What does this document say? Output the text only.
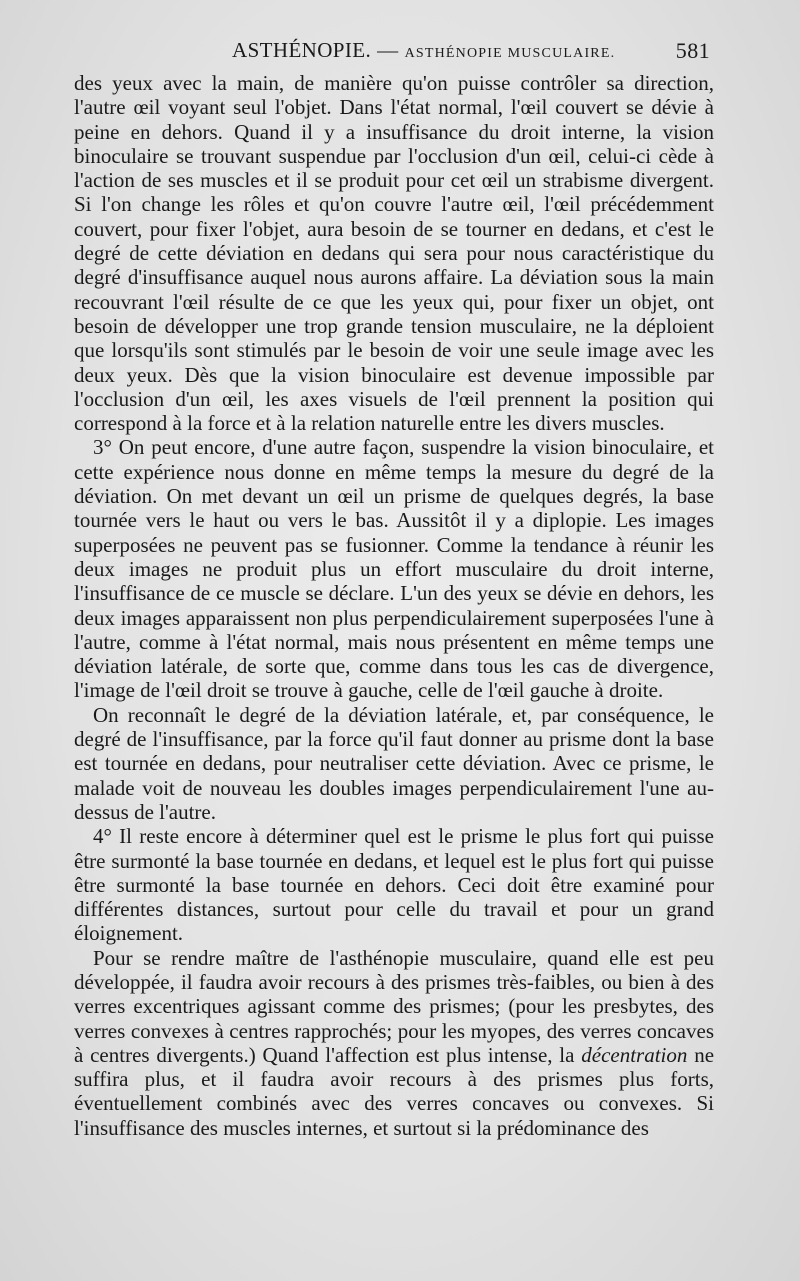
ASTHÉNOPIE. — ASTHÉNOPIE MUSCULAIRE.	581

des yeux avec la main, de manière qu'on puisse contrôler sa direction, l'autre œil voyant seul l'objet. Dans l'état normal, l'œil couvert se dévie à peine en dehors. Quand il y a insuffisance du droit interne, la vision binoculaire se trouvant suspendue par l'occlusion d'un œil, celui-ci cède à l'action de ses muscles et il se produit pour cet œil un strabisme divergent. Si l'on change les rôles et qu'on couvre l'autre œil, l'œil précédemment couvert, pour fixer l'objet, aura besoin de se tourner en dedans, et c'est le degré de cette déviation en dedans qui sera pour nous caractéristique du degré d'insuffisance auquel nous aurons affaire. La déviation sous la main recouvrant l'œil résulte de ce que les yeux qui, pour fixer un objet, ont besoin de développer une trop grande tension musculaire, ne la déploient que lorsqu'ils sont stimulés par le besoin de voir une seule image avec les deux yeux. Dès que la vision binoculaire est devenue impossible par l'occlusion d'un œil, les axes visuels de l'œil prennent la position qui correspond à la force et à la relation naturelle entre les divers muscles.

3° On peut encore, d'une autre façon, suspendre la vision binoculaire, et cette expérience nous donne en même temps la mesure du degré de la déviation. On met devant un œil un prisme de quelques degrés, la base tournée vers le haut ou vers le bas. Aussitôt il y a diplopie. Les images superposées ne peuvent pas se fusionner. Comme la tendance à réunir les deux images ne produit plus un effort musculaire du droit interne, l'insuffisance de ce muscle se déclare. L'un des yeux se dévie en dehors, les deux images apparaissent non plus perpendiculairement superposées l'une à l'autre, comme à l'état normal, mais nous présentent en même temps une déviation latérale, de sorte que, comme dans tous les cas de divergence, l'image de l'œil droit se trouve à gauche, celle de l'œil gauche à droite.

On reconnaît le degré de la déviation latérale, et, par conséquence, le degré de l'insuffisance, par la force qu'il faut donner au prisme dont la base est tournée en dedans, pour neutraliser cette déviation. Avec ce prisme, le malade voit de nouveau les doubles images perpendiculairement l'une au-dessus de l'autre.

4° Il reste encore à déterminer quel est le prisme le plus fort qui puisse être surmonté la base tournée en dedans, et lequel est le plus fort qui puisse être surmonté la base tournée en dehors. Ceci doit être examiné pour différentes distances, surtout pour celle du travail et pour un grand éloignement.

Pour se rendre maître de l'asthénopie musculaire, quand elle est peu développée, il faudra avoir recours à des prismes très-faibles, ou bien à des verres excentriques agissant comme des prismes; (pour les presbytes, des verres convexes à centres rapprochés; pour les myopes, des verres concaves à centres divergents.) Quand l'affection est plus intense, la décentration ne suffira plus, et il faudra avoir recours à des prismes plus forts, éventuellement combinés avec des verres concaves ou convexes. Si l'insuffisance des muscles internes, et surtout si la prédominance des
